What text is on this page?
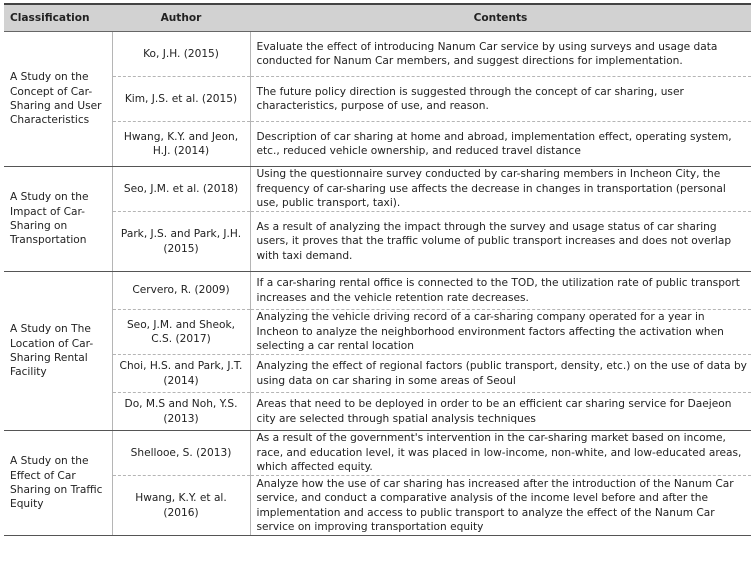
Classification	Author	Contents
A Study on the Concept of Car-Sharing and User Characteristics	Ko, J.H. (2015)	Evaluate the effect of introducing Nanum Car service by using surveys and usage data conducted for Nanum Car members, and suggest directions for implementation.
	Kim, J.S. et al. (2015)	The future policy direction is suggested through the concept of car sharing, user characteristics, purpose of use, and reason.
	Hwang, K.Y. and Jeon, H.J. (2014)	Description of car sharing at home and abroad, implementation effect, operating system, etc., reduced vehicle ownership, and reduced travel distance
A Study on the Impact of Car-Sharing on Transportation	Seo, J.M. et al. (2018)	Using the questionnaire survey conducted by car-sharing members in Incheon City, the frequency of car-sharing use affects the decrease in changes in transportation (personal use, public transport, taxi).
	Park, J.S. and Park, J.H. (2015)	As a result of analyzing the impact through the survey and usage status of car sharing users, it proves that the traffic volume of public transport increases and does not overlap with taxi demand.
A Study on The Location of Car-Sharing Rental Facility	Cervero, R. (2009)	If a car-sharing rental office is connected to the TOD, the utilization rate of public transport increases and the vehicle retention rate decreases.
	Seo, J.M. and Sheok, C.S. (2017)	Analyzing the vehicle driving record of a car-sharing company operated for a year in Incheon to analyze the neighborhood environment factors affecting the activation when selecting a car rental location
	Choi, H.S. and Park, J.T. (2014)	Analyzing the effect of regional factors (public transport, density, etc.) on the use of data by using data on car sharing in some areas of Seoul
	Do, M.S and Noh, Y.S. (2013)	Areas that need to be deployed in order to be an efficient car sharing service for Daejeon city are selected through spatial analysis techniques
A Study on the Effect of Car Sharing on Traffic Equity	Shellooe, S. (2013)	As a result of the government's intervention in the car-sharing market based on income, race, and education level, it was placed in low-income, non-white, and low-educated areas, which affected equity.
	Hwang, K.Y. et al. (2016)	Analyze how the use of car sharing has increased after the introduction of the Nanum Car service, and conduct a comparative analysis of the income level before and after the implementation and access to public transport to analyze the effect of the Nanum Car service on improving transportation equity
